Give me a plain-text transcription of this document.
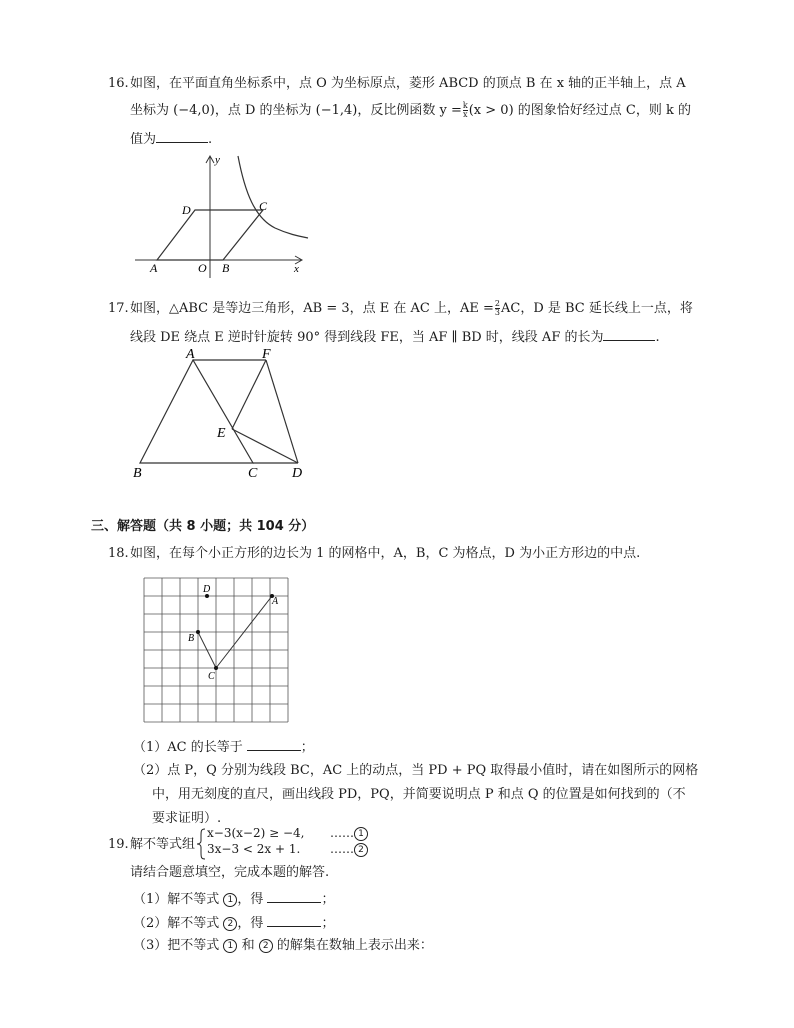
16. 如图，在平面直角坐标系中，点 O 为坐标原点，菱形 ABCD 的顶点 B 在 x 轴的正半轴上，点 A
坐标为 (−4,0)，点 D 的坐标为 (−1,4)，反比例函数 $y = \frac{k}{x} (x > 0)$ 的图象恰好经过点 C，则 k 的
值为	.
y
x
A	O B
D	C
17. 如图，△ABC 是等边三角形，AB = 3，点 E 在 AC 上，AE = $\frac{2}{3}$ AC，D 是 BC 延长线上一点，将
线段 DE 绕点 E 逆时针旋转 90° 得到线段 FE，当 AF ∥ BD 时，线段 AF 的长为	.
A	F
E
B	C D
三、解答题（共 8 小题；共 104 分）
18. 如图，在每个小正方形的边长为 1 的网格中，A，B，C 为格点，D 为小正方形边的中点.
A
B
C
D
（1）AC 的长等于	；
（2）点 P，Q 分别为线段 BC，AC 上的动点，当 PD + PQ 取得最小值时，请在如图所示的网格
中，用无刻度的直尺，画出线段 PD，PQ，并简要说明点 P 和点 Q 的位置是如何找到的（不
要求证明）.
19. 解不等式组
x−3(x−2) ≥ −4,
3x−3 < 2x + 1.
…… 1
…… 2
请结合题意填空，完成本题的解答.
（1）解不等式 1 ，得	；
（2）解不等式 2 ，得	；
（3）把不等式 1 和 2 的解集在数轴上表示出来：
